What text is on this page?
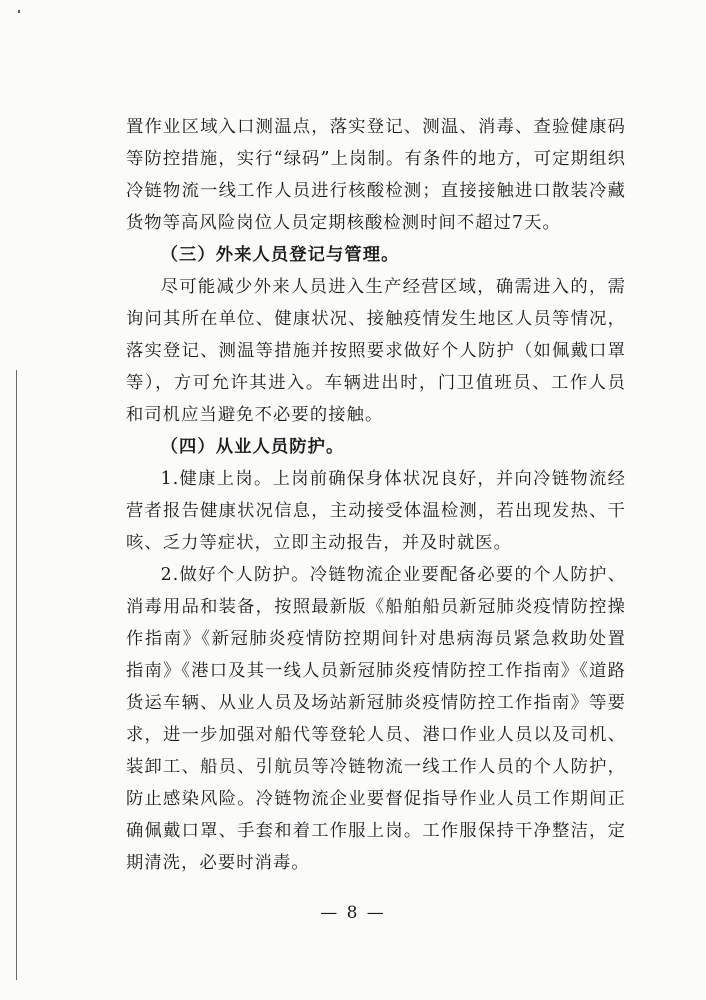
置作业区域入口测温点，落实登记、测温、消毒、查验健康码等防控措施，实行“绿码”上岗制。有条件的地方，可定期组织冷链物流一线工作人员进行核酸检测；直接接触进口散装冷藏货物等高风险岗位人员定期核酸检测时间不超过7天。

（三）外来人员登记与管理。

尽可能减少外来人员进入生产经营区域，确需进入的，需询问其所在单位、健康状况、接触疫情发生地区人员等情况，落实登记、测温等措施并按照要求做好个人防护（如佩戴口罩等），方可允许其进入。车辆进出时，门卫值班员、工作人员和司机应当避免不必要的接触。

（四）从业人员防护。

1.健康上岗。上岗前确保身体状况良好，并向冷链物流经营者报告健康状况信息，主动接受体温检测，若出现发热、干咳、乏力等症状，立即主动报告，并及时就医。

2.做好个人防护。冷链物流企业要配备必要的个人防护、消毒用品和装备，按照最新版《船舶船员新冠肺炎疫情防控操作指南》《新冠肺炎疫情防控期间针对患病海员紧急救助处置指南》《港口及其一线人员新冠肺炎疫情防控工作指南》《道路货运车辆、从业人员及场站新冠肺炎疫情防控工作指南》等要求，进一步加强对船代等登轮人员、港口作业人员以及司机、装卸工、船员、引航员等冷链物流一线工作人员的个人防护，防止感染风险。冷链物流企业要督促指导作业人员工作期间正确佩戴口罩、手套和着工作服上岗。工作服保持干净整洁，定期清洗，必要时消毒。

— 8 —
